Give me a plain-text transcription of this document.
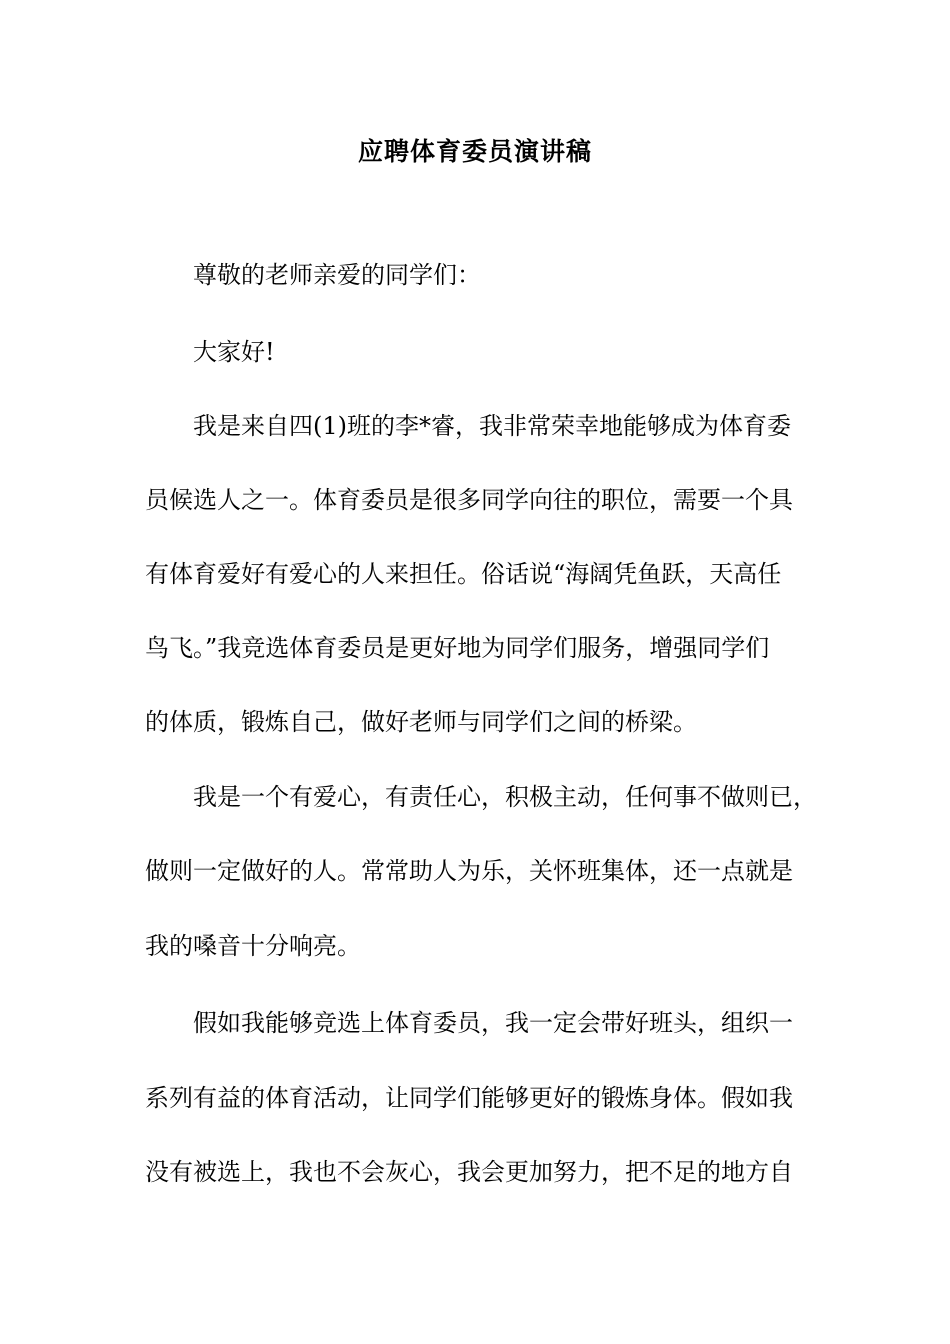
应聘体育委员演讲稿
尊敬的老师亲爱的同学们：
大家好!
我是来自四(1)班的李*睿，我非常荣幸地能够成为体育委
员候选人之一。体育委员是很多同学向往的职位，需要一个具
有体育爱好有爱心的人来担任。俗话说“海阔凭鱼跃，天高任
鸟飞。”我竞选体育委员是更好地为同学们服务，增强同学们
的体质，锻炼自己，做好老师与同学们之间的桥梁。
我是一个有爱心，有责任心，积极主动，任何事不做则已，
做则一定做好的人。常常助人为乐，关怀班集体，还一点就是
我的嗓音十分响亮。
假如我能够竞选上体育委员，我一定会带好班头，组织一
系列有益的体育活动，让同学们能够更好的锻炼身体。假如我
没有被选上，我也不会灰心，我会更加努力，把不足的地方自
